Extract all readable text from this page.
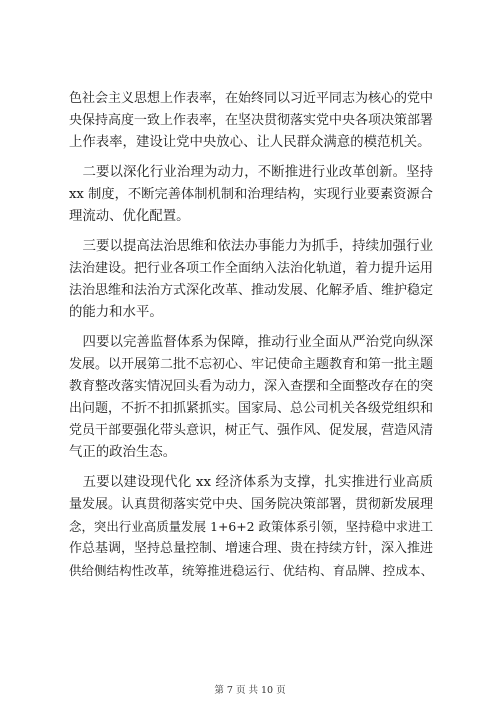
色社会主义思想上作表率，在始终同以习近平同志为核心的党中
央保持高度一致上作表率，在坚决贯彻落实党中央各项决策部署
上作表率，建设让党中央放心、让人民群众满意的模范机关。
　二要以深化行业治理为动力，不断推进行业改革创新。坚持
xx 制度，不断完善体制机制和治理结构，实现行业要素资源合
理流动、优化配置。
　三要以提高法治思维和依法办事能力为抓手，持续加强行业
法治建设。把行业各项工作全面纳入法治化轨道，着力提升运用
法治思维和法治方式深化改革、推动发展、化解矛盾、维护稳定
的能力和水平。
　四要以完善监督体系为保障，推动行业全面从严治党向纵深
发展。以开展第二批不忘初心、牢记使命主题教育和第一批主题
教育整改落实情况回头看为动力，深入查摆和全面整改存在的突
出问题，不折不扣抓紧抓实。国家局、总公司机关各级党组织和
党员干部要强化带头意识，树正气、强作风、促发展，营造风清
气正的政治生态。
　五要以建设现代化 xx 经济体系为支撑，扎实推进行业高质
量发展。认真贯彻落实党中央、国务院决策部署，贯彻新发展理
念，突出行业高质量发展 1+6+2 政策体系引领，坚持稳中求进工
作总基调，坚持总量控制、增速合理、贵在持续方针，深入推进
供给侧结构性改革，统筹推进稳运行、优结构、育品牌、控成本、
第 7 页 共 10 页
